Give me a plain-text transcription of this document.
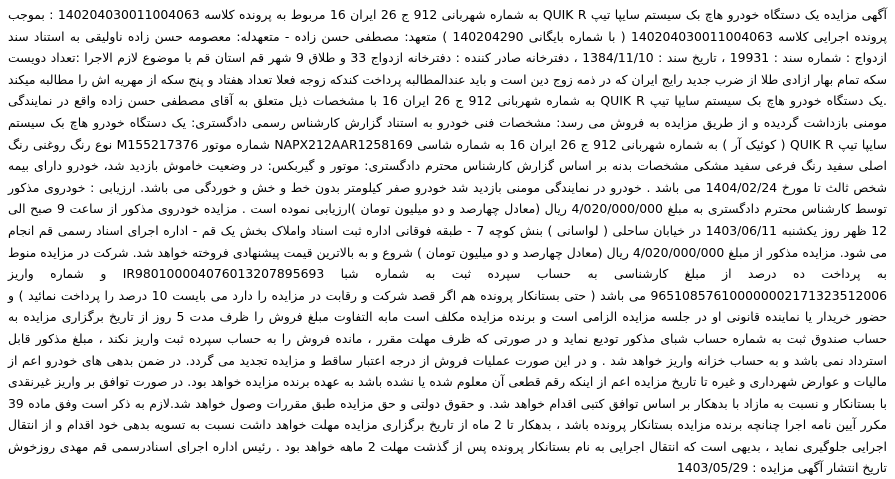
آگهی مزایده یک دستگاه خودرو هاچ بک سیستم سایپا تیپ QUIK R به شماره شهربانی 912 ج 26 ایران 16 مربوط به پرونده کلاسه 140204030011004063 : بموجب پرونده اجرایی کلاسه 140204030011004063 ( با شماره بایگانی 140204290 ) متعهد: مصطفی حسن زاده - متعهدله: معصومه حسن زاده ناولیقی به استناد سند ازدواج : شماره سند : 19931 ، تاریخ سند : 1384/11/10 ، دفترخانه صادر کننده : دفترخانه ازدواج 33 و طلاق 9 شهر قم استان قم با موضوع لازم الاجرا :تعداد دویست سکه تمام بهار ازادی طلا از ضرب جدید رایج ایران که در ذمه زوج دین است و باید عندالمطالبه پرداخت کندکه زوجه فعلا تعداد هفتاد و پنج سکه از مهریه اش را مطالبه میکند .یک دستگاه خودرو هاچ بک سیستم سایپا تیپ QUIK R به شماره شهربانی 912 ج 26 ایران 16 با مشخصات ذیل متعلق به آقای مصطفی حسن زاده واقع در نمایندگی مومنی بازداشت گردیده و از طریق مزایده به فروش می رسد: مشخصات فنی خودرو به استناد گزارش کارشناس رسمی دادگستری: یک دستگاه خودرو هاچ بک سیستم سایپا تیپ QUIK R ( کوئیک آر ) به شماره شهربانی 912 ج 26 ایران 16 به شماره شاسی NAPX212AAR1258169 شماره موتور M155217376 نوع رنگ روغنی رنگ اصلی سفید رنگ فرعی سفید مشکی مشخصات بدنه بر اساس گزارش کارشناس محترم دادگستری: موتور و گیربکس: در وضعیت خاموش بازدید شد، خودرو دارای بیمه شخص ثالث تا مورخ 1404/02/24 می باشد . خودرو در نمایندگی مومنی بازدید شد خودرو صفر کیلومتر بدون خط و خش و خوردگی می باشد. ارزیابی : خودروی مذکور توسط کارشناس محترم دادگستری به مبلغ 4/020/000/000 ریال (معادل چهارصد و دو میلیون تومان )ارزیابی نموده است . مزایده خودروی مذکور از ساعت 9 صبح الی 12 ظهر روز یکشنبه 1403/06/11 در خیابان ساحلی ( لواسانی ) بنش کوچه 7 - طبقه فوقانی اداره ثبت اسناد واملاک بخش یک قم - اداره اجرای اسناد رسمی قم انجام می شود. مزایده مذکور از مبلغ 4/020/000/000 ریال (معادل چهارصد و دو میلیون تومان ) شروع و به بالاترین قیمت پیشنهادی فروخته خواهد شد. شرکت در مزایده منوط به پرداخت ده درصد از مبلغ کارشناسی به حساب سپرده ثبت به شماره شبا IR980100004076013207895693 و شماره واریز 965108576100000002171323512006 می باشد ( حتی بستانکار پرونده هم اگر قصد شرکت و رقابت در مزایده را دارد می بایست 10 درصد را پرداخت نمائید ) و حضور خریدار یا نماینده قانونی او در جلسه مزایده الزامی است و برنده مزایده مکلف است مابه التفاوت مبلغ فروش را ظرف مدت 5 روز از تاریخ برگزاری مزایده به حساب صندوق ثبت به شماره حساب شبای مذکور تودیع نماید و در صورتی که ظرف مهلت مقرر ، مانده فروش را به حساب سپرده ثبت واریز نکند ، مبلغ مذکور قابل استرداد نمی باشد و به حساب خزانه واریز خواهد شد . و در این صورت عملیات فروش از درجه اعتبار ساقط و مزایده تجدید می گردد. در ضمن بدهی های خودرو اعم از مالیات و عوارض شهرداری و غیره تا تاریخ مزایده اعم از اینکه رقم قطعی آن معلوم شده یا نشده باشد به عهده برنده مزایده خواهد بود. در صورت توافق بر واریز غیرنقدی با بستانکار و نسبت به مازاد با بدهکار بر اساس توافق کتبی اقدام خواهد شد. و حقوق دولتی و حق مزایده طبق مقررات وصول خواهد شد.لازم به ذکر است وفق ماده 39 مکرر آیین نامه اجرا چنانچه برنده مزایده بستانکار پرونده باشد ، بدهکار تا 2 ماه از تاریخ برگزاری مزایده مهلت خواهد داشت نسبت به تسویه بدهی خود اقدام و از انتقال اجرایی جلوگیری نماید ، بدیهی است که انتقال اجرایی به نام بستانکار پرونده پس از گذشت مهلت 2 ماهه خواهد بود . رئیس اداره اجرای اسنادرسمی قم مهدی روزخوش تاریخ انتشار آگهی مزایده : 1403/05/29
